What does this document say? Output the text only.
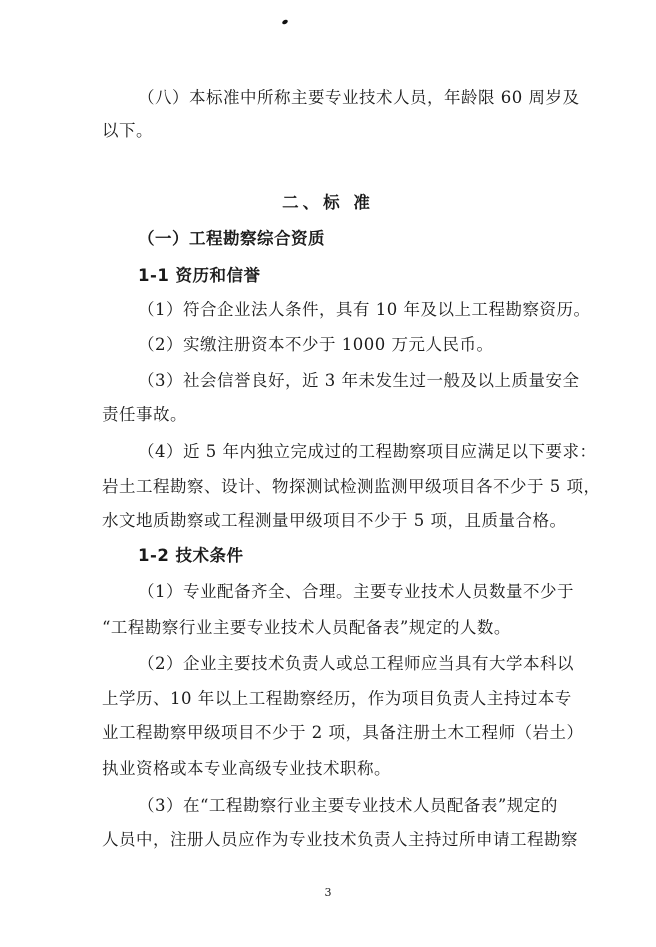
（八）本标准中所称主要专业技术人员，年龄限 60 周岁及
以下。
二、标 准
（一）工程勘察综合资质
1-1 资历和信誉
（1）符合企业法人条件，具有 10 年及以上工程勘察资历。
（2）实缴注册资本不少于 1000 万元人民币。
（3）社会信誉良好，近 3 年未发生过一般及以上质量安全
责任事故。
（4）近 5 年内独立完成过的工程勘察项目应满足以下要求：
岩土工程勘察、设计、物探测试检测监测甲级项目各不少于 5 项，
水文地质勘察或工程测量甲级项目不少于 5 项，且质量合格。
1-2 技术条件
（1）专业配备齐全、合理。主要专业技术人员数量不少于
“工程勘察行业主要专业技术人员配备表”规定的人数。
（2）企业主要技术负责人或总工程师应当具有大学本科以
上学历、10 年以上工程勘察经历，作为项目负责人主持过本专
业工程勘察甲级项目不少于 2 项，具备注册土木工程师（岩土）
执业资格或本专业高级专业技术职称。
（3）在“工程勘察行业主要专业技术人员配备表”规定的
人员中，注册人员应作为专业技术负责人主持过所申请工程勘察
3
